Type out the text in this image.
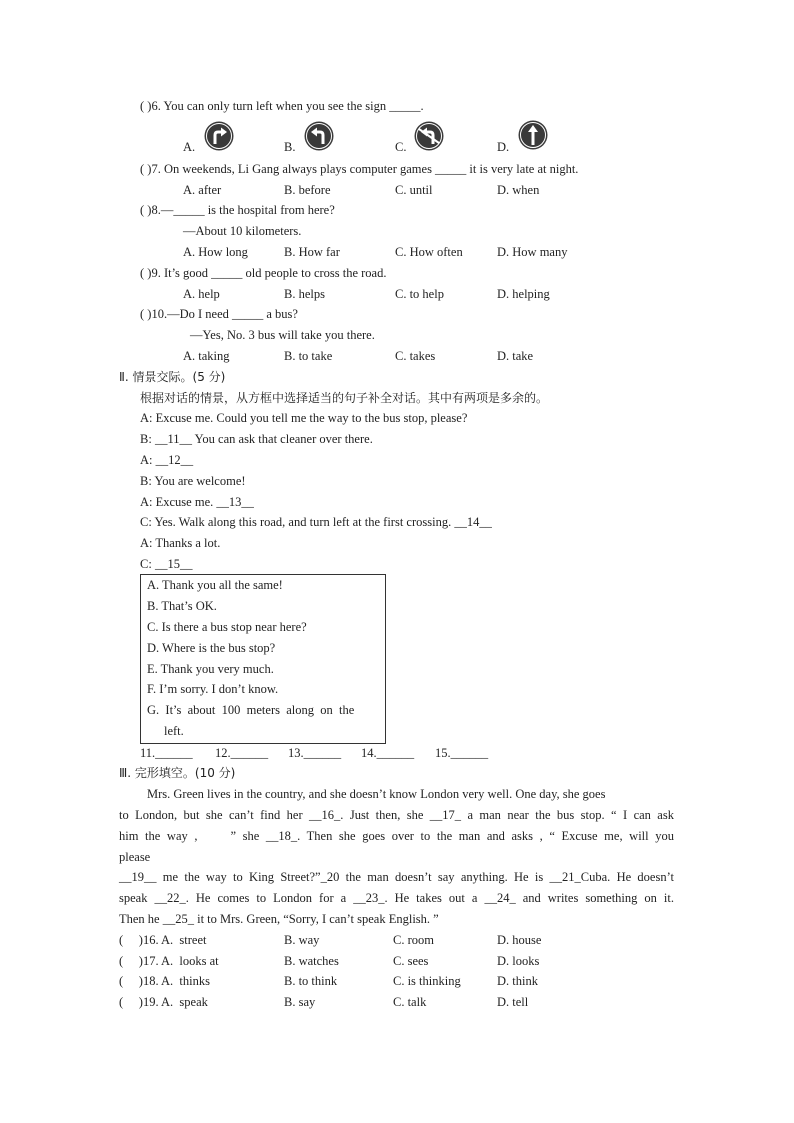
( )6. You can only turn left when you see the sign _____.
A.	B.	C.	D.
( )7. On weekends, Li Gang always plays computer games _____ it is very late at night.
A. after	B. before	C. until	D. when
( )8.—_____ is the hospital from here?
—About 10 kilometers.
A. How long	B. How far	C. How often	D. How many
( )9. It’s good _____ old people to cross the road.
A. help	B. helps	C. to help	D. helping
( )10.—Do I need _____ a bus?
—Yes, No. 3 bus will take you there.
A. taking	B. to take	C. takes	D. take
Ⅱ. 情景交际。(5 分)
根据对话的情景，从方框中选择适当的句子补全对话。其中有两项是多余的。
A: Excuse me. Could you tell me the way to the bus stop, please?
B: __11__ You can ask that cleaner over there.
A: __12__
B: You are welcome!
A: Excuse me. __13__
C: Yes. Walk along this road, and turn left at the first crossing. __14__
A: Thanks a lot.
C: __15__
A. Thank you all the same!
B. That’s OK.
C. Is there a bus stop near here?
D. Where is the bus stop?
E. Thank you very much.
F. I’m sorry. I don’t know.
G.  It’s  about  100  meters  along  on  the
left.
11.______ 12.______ 13.______ 14.______ 15.______
Ⅲ. 完形填空。(10 分)
Mrs. Green lives in the country, and she doesn’t know London very well. One day, she goes
to London, but she can’t find her __16_. Just then, she __17_ a man near the bus stop. “ I can ask
him the way ,     ” she __18_. Then she goes over to the man and asks , “ Excuse me, will you
please
__19__ me the way to King Street?”_20 the man doesn’t say anything. He is __21_Cuba. He doesn’t
speak __22_. He comes to London for a __23_. He takes out a __24_ and writes something on it.
Then he __25_ it to Mrs. Green, “Sorry, I can’t speak English. ”
(     )16. A.  street	B. way	C. room	D. house
(     )17. A.  looks at	B. watches	C. sees	D. looks
(     )18. A.  thinks	B. to think	C. is thinking	D. think
(     )19. A.  speak	B. say	C. talk	D. tell
